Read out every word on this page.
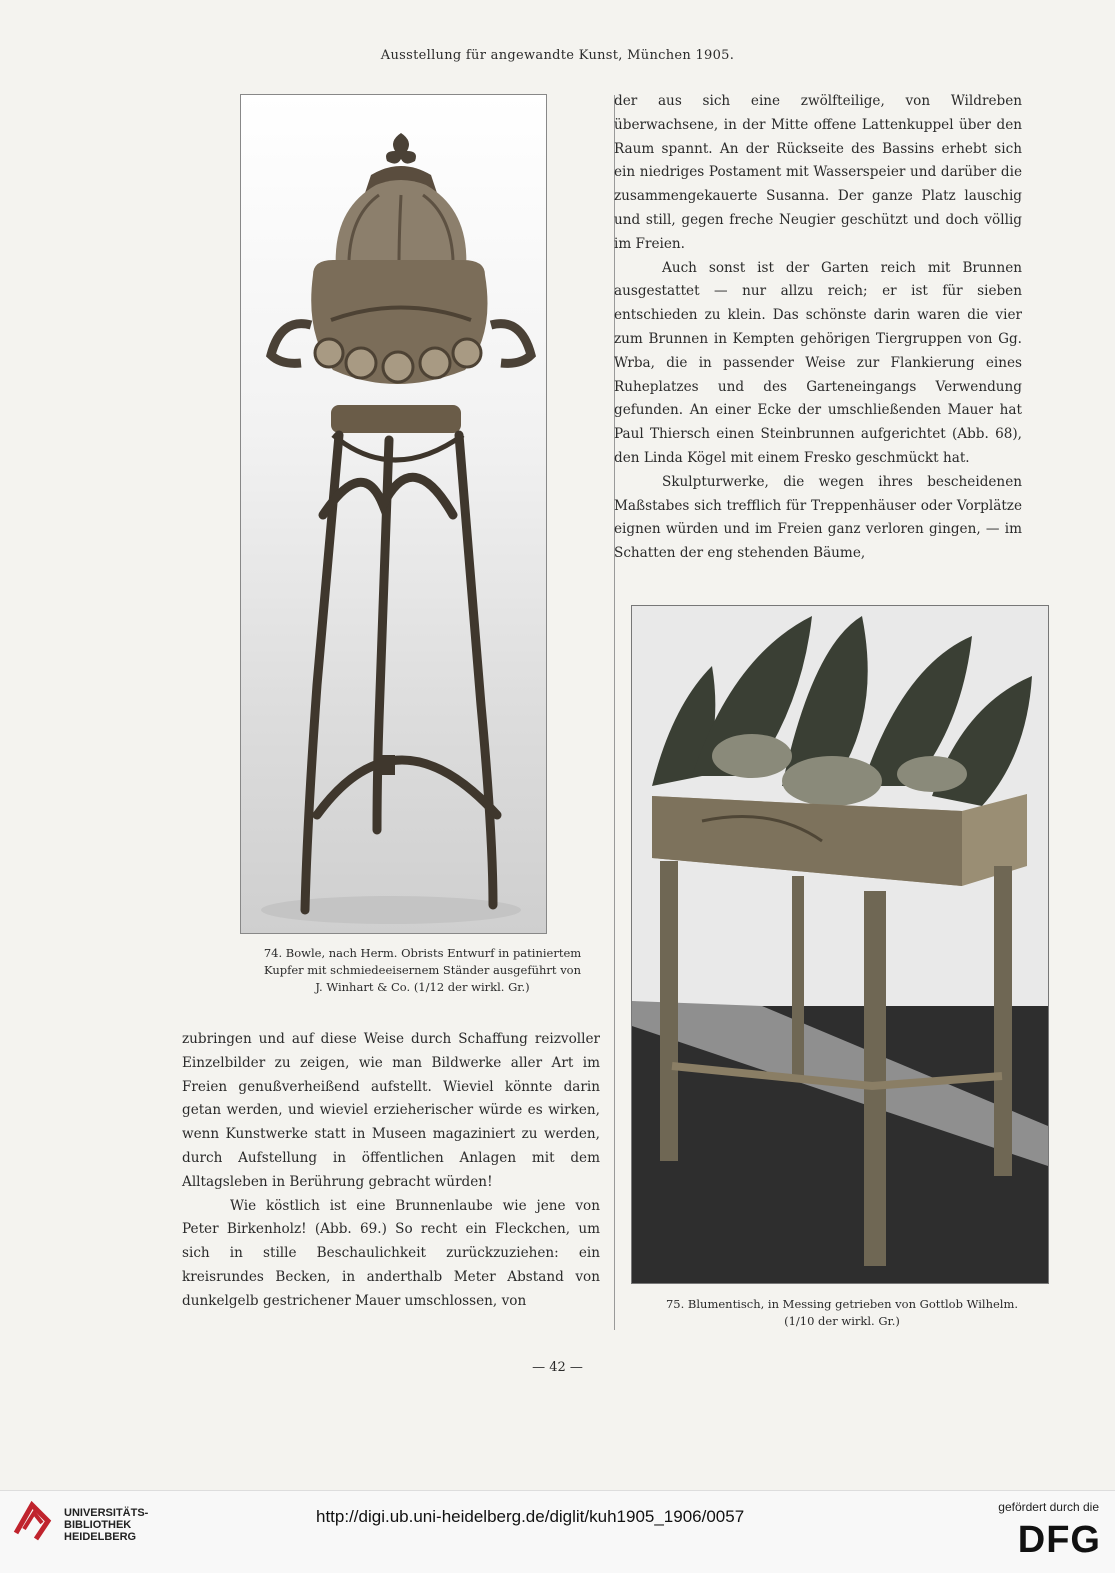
Ausstellung für angewandte Kunst, München 1905.
74. Bowle, nach Herm. Obrists Entwurf in patiniertem
Kupfer mit schmiedeeisernem Ständer ausgeführt von
J. Winhart & Co. (1/12 der wirkl. Gr.)

der aus sich eine zwölfteilige, von Wildreben überwachsene, in der Mitte offene Lattenkuppel über den Raum spannt. An der Rückseite des Bassins erhebt sich ein niedriges Postament mit Wasserspeier und darüber die zusammengekauerte Susanna. Der ganze Platz lauschig und still, gegen freche Neugier geschützt und doch völlig im Freien.

Auch sonst ist der Garten reich mit Brunnen ausgestattet — nur allzu reich; er ist für sieben entschieden zu klein. Das schönste darin waren die vier zum Brunnen in Kempten gehörigen Tiergruppen von Gg. Wrba, die in passender Weise zur Flankierung eines Ruheplatzes und des Garteneingangs Verwendung gefunden. An einer Ecke der umschließenden Mauer hat Paul Thiersch einen Steinbrunnen aufgerichtet (Abb. 68), den Linda Kögel mit einem Fresko geschmückt hat.

Skulpturwerke, die wegen ihres bescheidenen Maßstabes sich trefflich für Treppenhäuser oder Vorplätze eignen würden und im Freien ganz verloren gingen, — im Schatten der eng stehenden Bäume,

75. Blumentisch, in Messing getrieben von Gottlob Wilhelm.
(1/10 der wirkl. Gr.)

zubringen und auf diese Weise durch Schaffung reizvoller Einzelbilder zu zeigen, wie man Bildwerke aller Art im Freien genußverheißend aufstellt. Wieviel könnte darin getan werden, und wieviel erzieherischer würde es wirken, wenn Kunstwerke statt in Museen magaziniert zu werden, durch Aufstellung in öffentlichen Anlagen mit dem Alltagsleben in Berührung gebracht würden!

Wie köstlich ist eine Brunnenlaube wie jene von Peter Birkenholz! (Abb. 69.) So recht ein Fleckchen, um sich in stille Beschaulichkeit zurückzuziehen: ein kreisrundes Becken, in anderthalb Meter Abstand von dunkelgelb gestrichener Mauer umschlossen, von

— 42 —
UNIVERSITÄTS-
BIBLIOTHEK
HEIDELBERG
http://digi.ub.uni-heidelberg.de/diglit/kuh1905_1906/0057	gefördert durch die
DFG
